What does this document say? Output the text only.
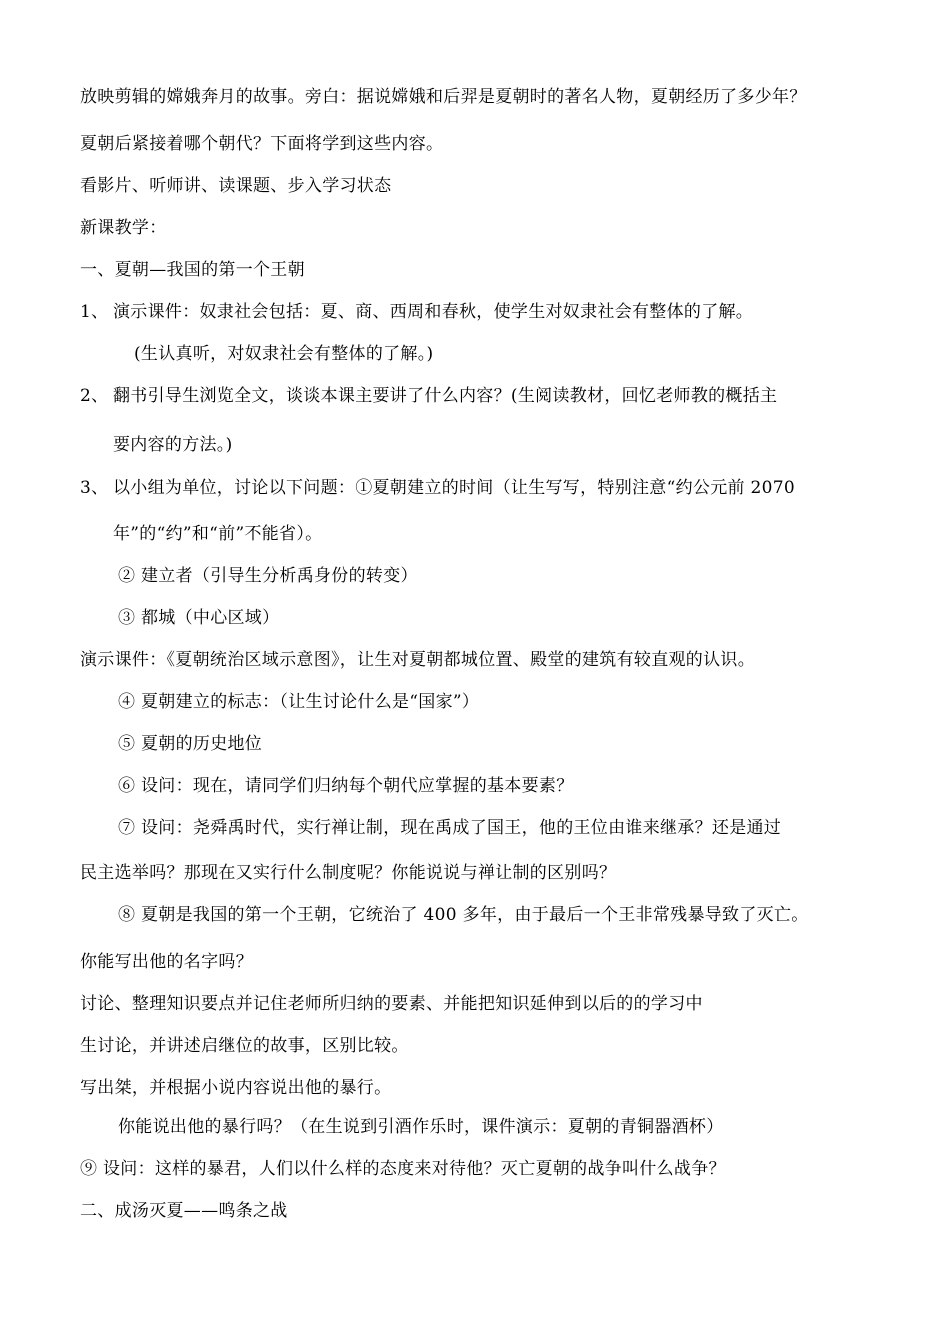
放映剪辑的嫦娥奔月的故事。旁白：据说嫦娥和后羿是夏朝时的著名人物，夏朝经历了多少年？
夏朝后紧接着哪个朝代？下面将学到这些内容。
看影片、听师讲、读课题、步入学习状态
新课教学：
一、夏朝—我国的第一个王朝
1、 演示课件：奴隶社会包括：夏、商、西周和春秋，使学生对奴隶社会有整体的了解。
(生认真听，对奴隶社会有整体的了解。)
2、 翻书引导生浏览全文，谈谈本课主要讲了什么内容？(生阅读教材，回忆老师教的概括主
要内容的方法。)
3、 以小组为单位，讨论以下问题：①夏朝建立的时间（让生写写，特别注意“约公元前 2070
年”的“约”和“前”不能省）。
② 建立者（引导生分析禹身份的转变）
③ 都城（中心区域）
演示课件：《夏朝统治区域示意图》，让生对夏朝都城位置、殿堂的建筑有较直观的认识。
④ 夏朝建立的标志：（让生讨论什么是“国家”）
⑤ 夏朝的历史地位
⑥ 设问：现在，请同学们归纳每个朝代应掌握的基本要素？
⑦ 设问：尧舜禹时代，实行禅让制，现在禹成了国王，他的王位由谁来继承？还是通过
民主选举吗？那现在又实行什么制度呢？你能说说与禅让制的区别吗？
⑧ 夏朝是我国的第一个王朝，它统治了 400 多年，由于最后一个王非常残暴导致了灭亡。
你能写出他的名字吗？
讨论、整理知识要点并记住老师所归纳的要素、并能把知识延伸到以后的的学习中
生讨论，并讲述启继位的故事，区别比较。
写出桀，并根据小说内容说出他的暴行。
你能说出他的暴行吗？（在生说到引酒作乐时，课件演示：夏朝的青铜器酒杯）
⑨ 设问：这样的暴君，人们以什么样的态度来对待他？灭亡夏朝的战争叫什么战争？
二、成汤灭夏——鸣条之战
